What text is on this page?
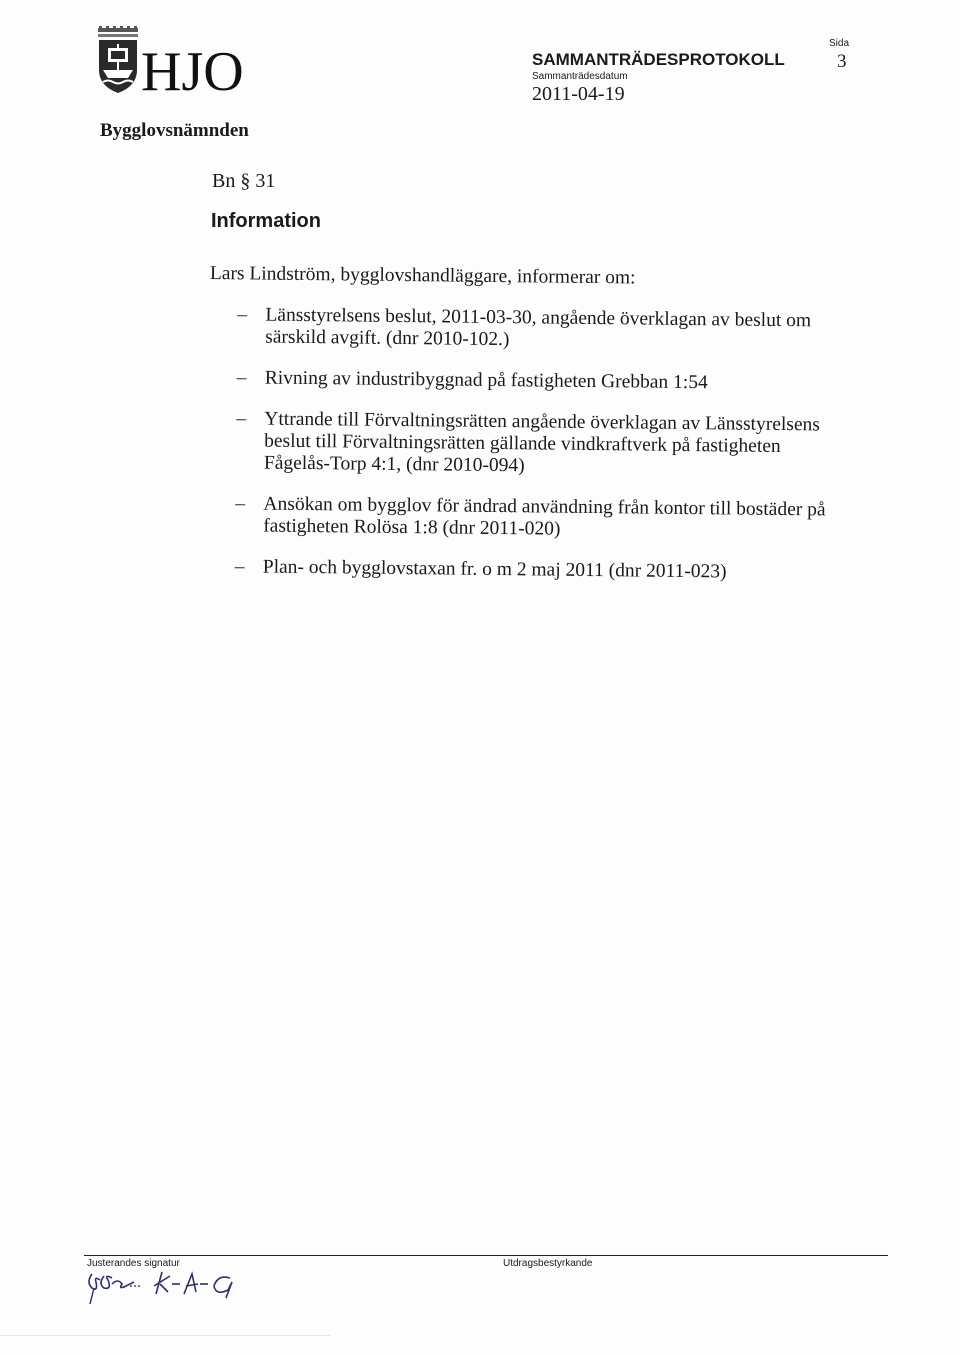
HJO	SAMMANTRÄDESPROTOKOLL
Sammanträdesdatum
2011-04-19
Sida
3
Bygglovsnämnden
Bn § 31
Information

Lars Lindström, bygglovshandläggare, informerar om:

– Länsstyrelsens beslut, 2011-03-30, angående överklagan av beslut om särskild avgift. (dnr 2010-102.)
– Rivning av industribyggnad på fastigheten Grebban 1:54
– Yttrande till Förvaltningsrätten angående överklagan av Länsstyrelsens beslut till Förvaltningsrätten gällande vindkraftverk på fastigheten Fågelås-Torp 4:1, (dnr 2010-094)
– Ansökan om bygglov för ändrad användning från kontor till bostäder på fastigheten Rolösa 1:8 (dnr 2011-020)
– Plan- och bygglovstaxan fr. o m 2 maj 2011 (dnr 2011-023)
Justerandes signatur	Utdragsbestyrkande
